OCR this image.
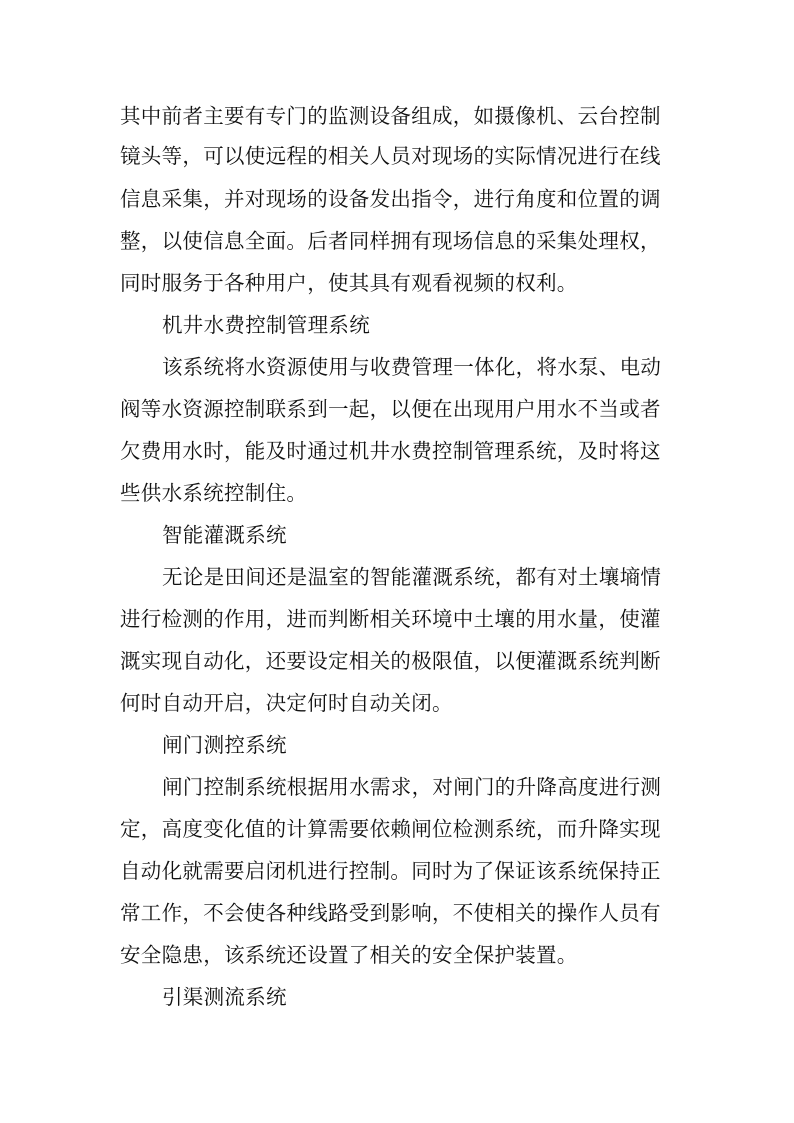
其中前者主要有专门的监测设备组成，如摄像机、云台控制
镜头等，可以使远程的相关人员对现场的实际情况进行在线
信息采集，并对现场的设备发出指令，进行角度和位置的调
整，以使信息全面。后者同样拥有现场信息的采集处理权，
同时服务于各种用户，使其具有观看视频的权利。
机井水费控制管理系统
该系统将水资源使用与收费管理一体化，将水泵、电动
阀等水资源控制联系到一起，以便在出现用户用水不当或者
欠费用水时，能及时通过机井水费控制管理系统，及时将这
些供水系统控制住。
智能灌溉系统
无论是田间还是温室的智能灌溉系统，都有对土壤墒情
进行检测的作用，进而判断相关环境中土壤的用水量，使灌
溉实现自动化，还要设定相关的极限值，以便灌溉系统判断
何时自动开启，决定何时自动关闭。
闸门测控系统
闸门控制系统根据用水需求，对闸门的升降高度进行测
定，高度变化值的计算需要依赖闸位检测系统，而升降实现
自动化就需要启闭机进行控制。同时为了保证该系统保持正
常工作，不会使各种线路受到影响，不使相关的操作人员有
安全隐患，该系统还设置了相关的安全保护装置。
引渠测流系统
